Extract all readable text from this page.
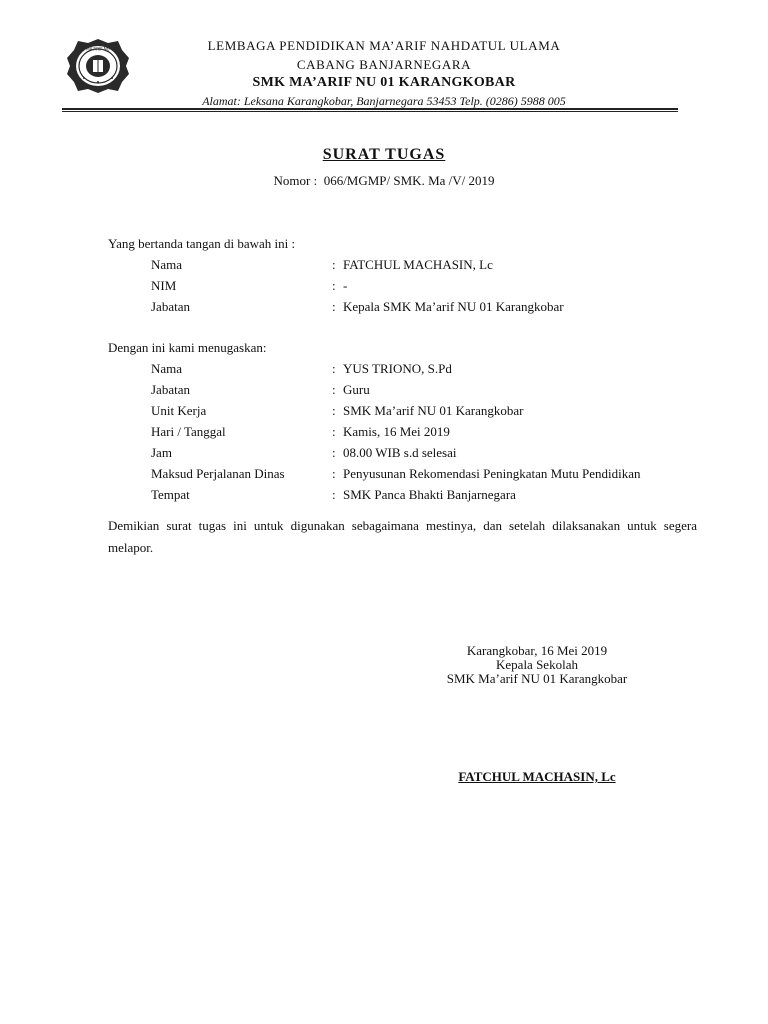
MA'ARIF NU	LEMBAGA PENDIDIKAN MA’ARIF NAHDATUL ULAMA
CABANG BANJARNEGARA
SMK MA’ARIF NU 01 KARANGKOBAR
Alamat: Leksana Karangkobar, Banjarnegara 53453 Telp. (0286) 5988 005
SURAT TUGAS
Nomor : 066/MGMP/ SMK. Ma /V/ 2019
Yang bertanda tangan di bawah ini :
Nama	: FATCHUL MACHASIN, Lc
NIM	: -
Jabatan	: Kepala SMK Ma’arif NU 01 Karangkobar
Dengan ini kami menugaskan:
Nama	: YUS TRIONO, S.Pd
Jabatan	: Guru
Unit Kerja	: SMK Ma’arif NU 01 Karangkobar
Hari / Tanggal	: Kamis, 16 Mei 2019
Jam	: 08.00 WIB s.d selesai
Maksud Perjalanan Dinas	: Penyusunan Rekomendasi Peningkatan Mutu Pendidikan
Tempat	: SMK Panca Bhakti Banjarnegara
Demikian surat tugas ini untuk digunakan sebagaimana mestinya, dan setelah dilaksanakan untuk segera melapor.
Karangkobar, 16 Mei 2019
Kepala Sekolah
SMK Ma’arif NU 01 Karangkobar
FATCHUL MACHASIN, Lc
